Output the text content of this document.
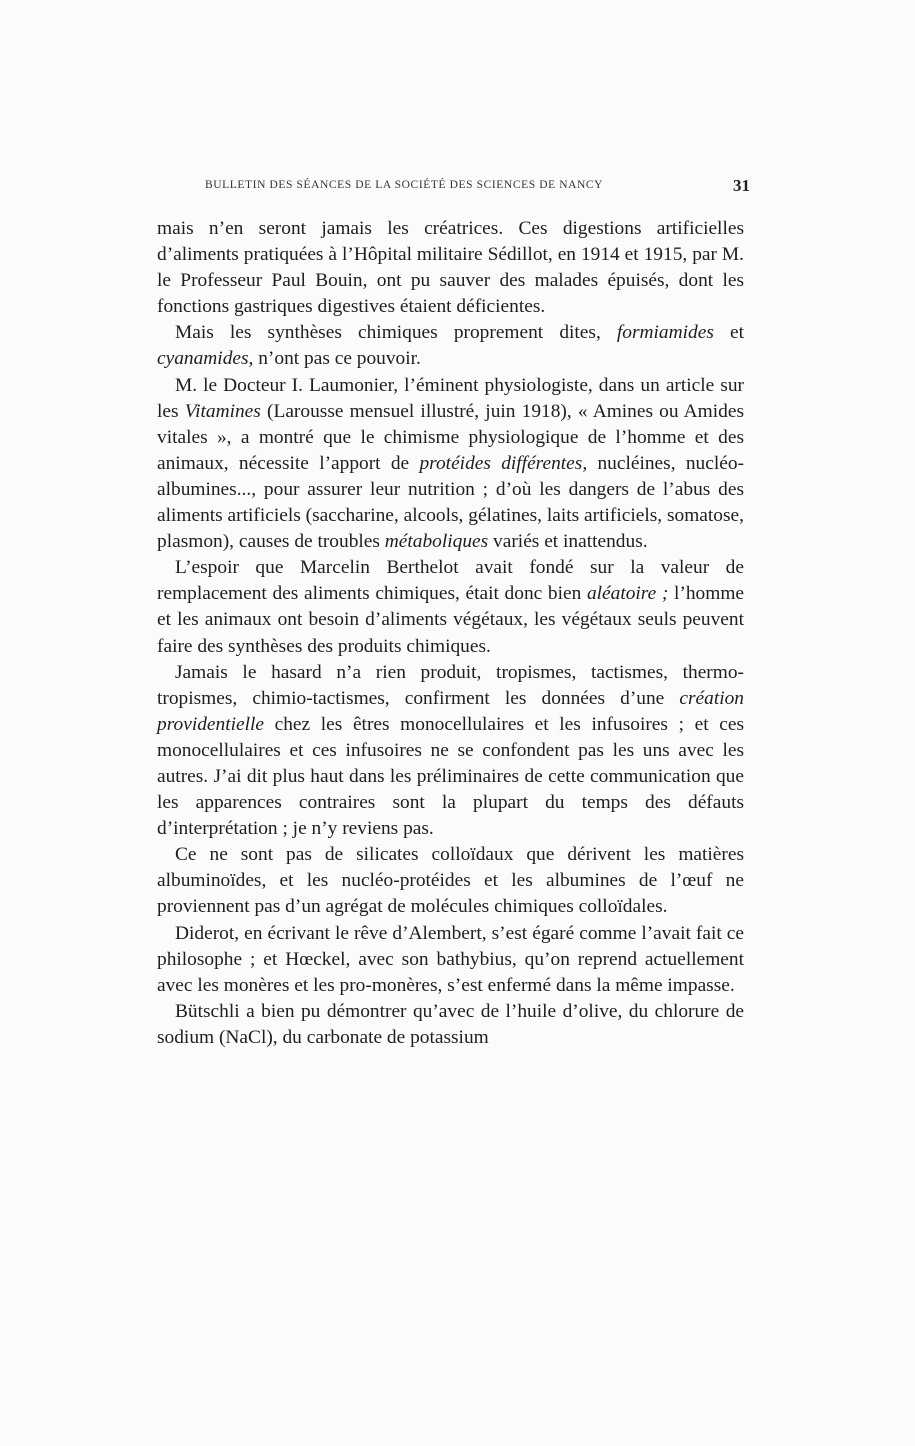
BULLETIN DES SÉANCES DE LA SOCIÉTÉ DES SCIENCES DE NANCY	31

mais n’en seront jamais les créatrices. Ces digestions artificielles d’aliments pratiquées à l’Hôpital militaire Sédillot, en 1914 et 1915, par M. le Professeur Paul Bouin, ont pu sauver des malades épuisés, dont les fonctions gastriques digestives étaient déficientes.

Mais les synthèses chimiques proprement dites, formiamides et cyanamides, n’ont pas ce pouvoir.

M. le Docteur I. Laumonier, l’éminent physiologiste, dans un article sur les Vitamines (Larousse mensuel illustré, juin 1918), « Amines ou Amides vitales », a montré que le chimisme physiologique de l’homme et des animaux, nécessite l’apport de protéides différentes, nucléines, nucléo-albumines..., pour assurer leur nutrition ; d’où les dangers de l’abus des aliments artificiels (saccharine, alcools, gélatines, laits artificiels, somatose, plasmon), causes de troubles métaboliques variés et inattendus.

L’espoir que Marcelin Berthelot avait fondé sur la valeur de remplacement des aliments chimiques, était donc bien aléatoire ; l’homme et les animaux ont besoin d’aliments végétaux, les végétaux seuls peuvent faire des synthèses des produits chimiques.

Jamais le hasard n’a rien produit, tropismes, tactismes, thermo-tropismes, chimio-tactismes, confirment les données d’une création providentielle chez les êtres monocellulaires et les infusoires ; et ces monocellulaires et ces infusoires ne se confondent pas les uns avec les autres. J’ai dit plus haut dans les préliminaires de cette communication que les apparences contraires sont la plupart du temps des défauts d’interprétation ; je n’y reviens pas.

Ce ne sont pas de silicates colloïdaux que dérivent les matières albuminoïdes, et les nucléo-protéides et les albumines de l’œuf ne proviennent pas d’un agrégat de molécules chimiques colloïdales.

Diderot, en écrivant le rêve d’Alembert, s’est égaré comme l’avait fait ce philosophe ; et Hœckel, avec son bathybius, qu’on reprend actuellement avec les monères et les pro-monères, s’est enfermé dans la même impasse.

Bütschli a bien pu démontrer qu’avec de l’huile d’olive, du chlorure de sodium (NaCl), du carbonate de potassium
